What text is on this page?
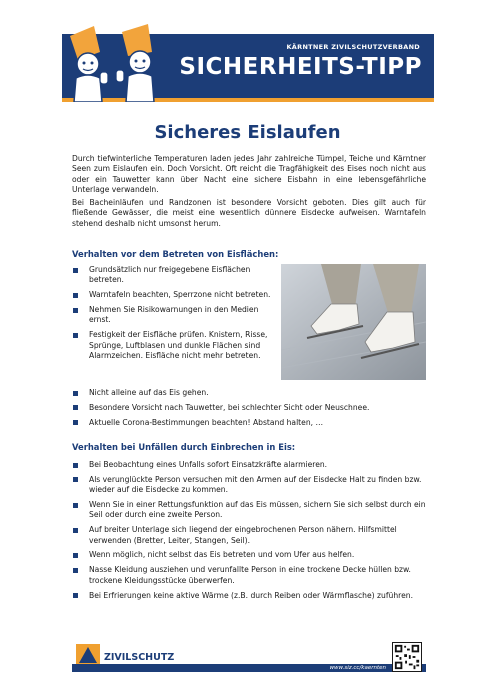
KÄRNTNER ZIVILSCHUTZVERBAND
SICHERHEITS-TIPP
Sicheres Eislaufen

Durch tiefwinterliche Temperaturen laden jedes Jahr zahlreiche Tümpel, Teiche und Kärntner Seen zum Eislaufen ein. Doch Vorsicht. Oft reicht die Tragfähigkeit des Eises noch nicht aus oder ein Tauwetter kann über Nacht eine sichere Eisbahn in eine lebensgefährliche Unterlage verwandeln.

Bei Bacheinläufen und Randzonen ist besondere Vorsicht geboten. Dies gilt auch für fließende Gewässer, die meist eine wesentlich dünnere Eisdecke aufweisen. Warntafeln stehend deshalb nicht umsonst herum.

Verhalten vor dem Betreten von Eisflächen:
Grundsätzlich nur freigegebene Eisflächen betreten.
Warntafeln beachten, Sperrzone nicht betreten.
Nehmen Sie Risikowarnungen in den Medien ernst.
Festigkeit der Eisfläche prüfen. Knistern, Risse, Sprünge, Luftblasen und dunkle Flächen sind Alarmzeichen. Eisfläche nicht mehr betreten.
Nicht alleine auf das Eis gehen.
Besondere Vorsicht nach Tauwetter, bei schlechter Sicht oder Neuschnee.
Aktuelle Corona-Bestimmungen beachten! Abstand halten, …
Verhalten bei Unfällen durch Einbrechen in Eis:
Bei Beobachtung eines Unfalls sofort Einsatzkräfte alarmieren.
Als verunglückte Person versuchen mit den Armen auf der Eisdecke Halt zu finden bzw. wieder auf die Eisdecke zu kommen.
Wenn Sie in einer Rettungsfunktion auf das Eis müssen, sichern Sie sich selbst durch ein Seil oder durch eine zweite Person.
Auf breiter Unterlage sich liegend der eingebrochenen Person nähern. Hilfsmittel verwenden (Bretter, Leiter, Stangen, Seil).
Wenn möglich, nicht selbst das Eis betreten und vom Ufer aus helfen.
Nasse Kleidung ausziehen und verunfallte Person in eine trockene Decke hüllen bzw. trockene Kleidungsstücke überwerfen.
Bei Erfrierungen keine aktive Wärme (z.B. durch Reiben oder Wärmflasche) zuführen.
ZIVILSCHUTZ
www.siz.cc/kaernten
